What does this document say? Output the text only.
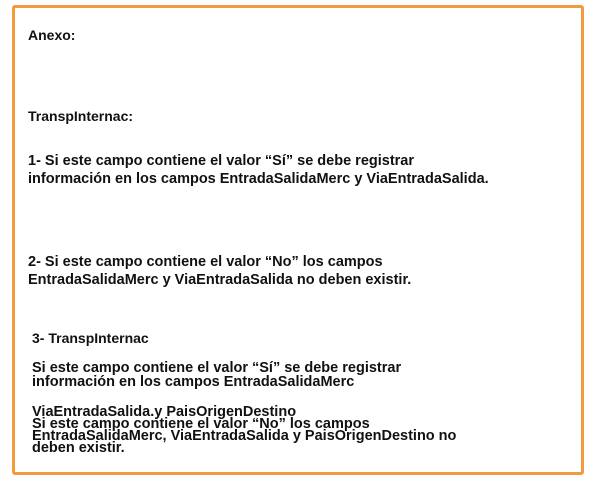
Anexo:
TranspInternac:
1- Si este campo contiene el valor “Sí” se debe registrar
información en los campos EntradaSalidaMerc y ViaEntradaSalida.
2- Si este campo contiene el valor “No” los campos
EntradaSalidaMerc y ViaEntradaSalida no deben existir.
3- TranspInternac
Si este campo contiene el valor “Sí” se debe registrar
información en los campos EntradaSalidaMerc
ViaEntradaSalida.y PaisOrigenDestino
Si este campo contiene el valor “No” los campos
EntradaSalidaMerc, ViaEntradaSalida y PaisOrigenDestino no
deben existir.
